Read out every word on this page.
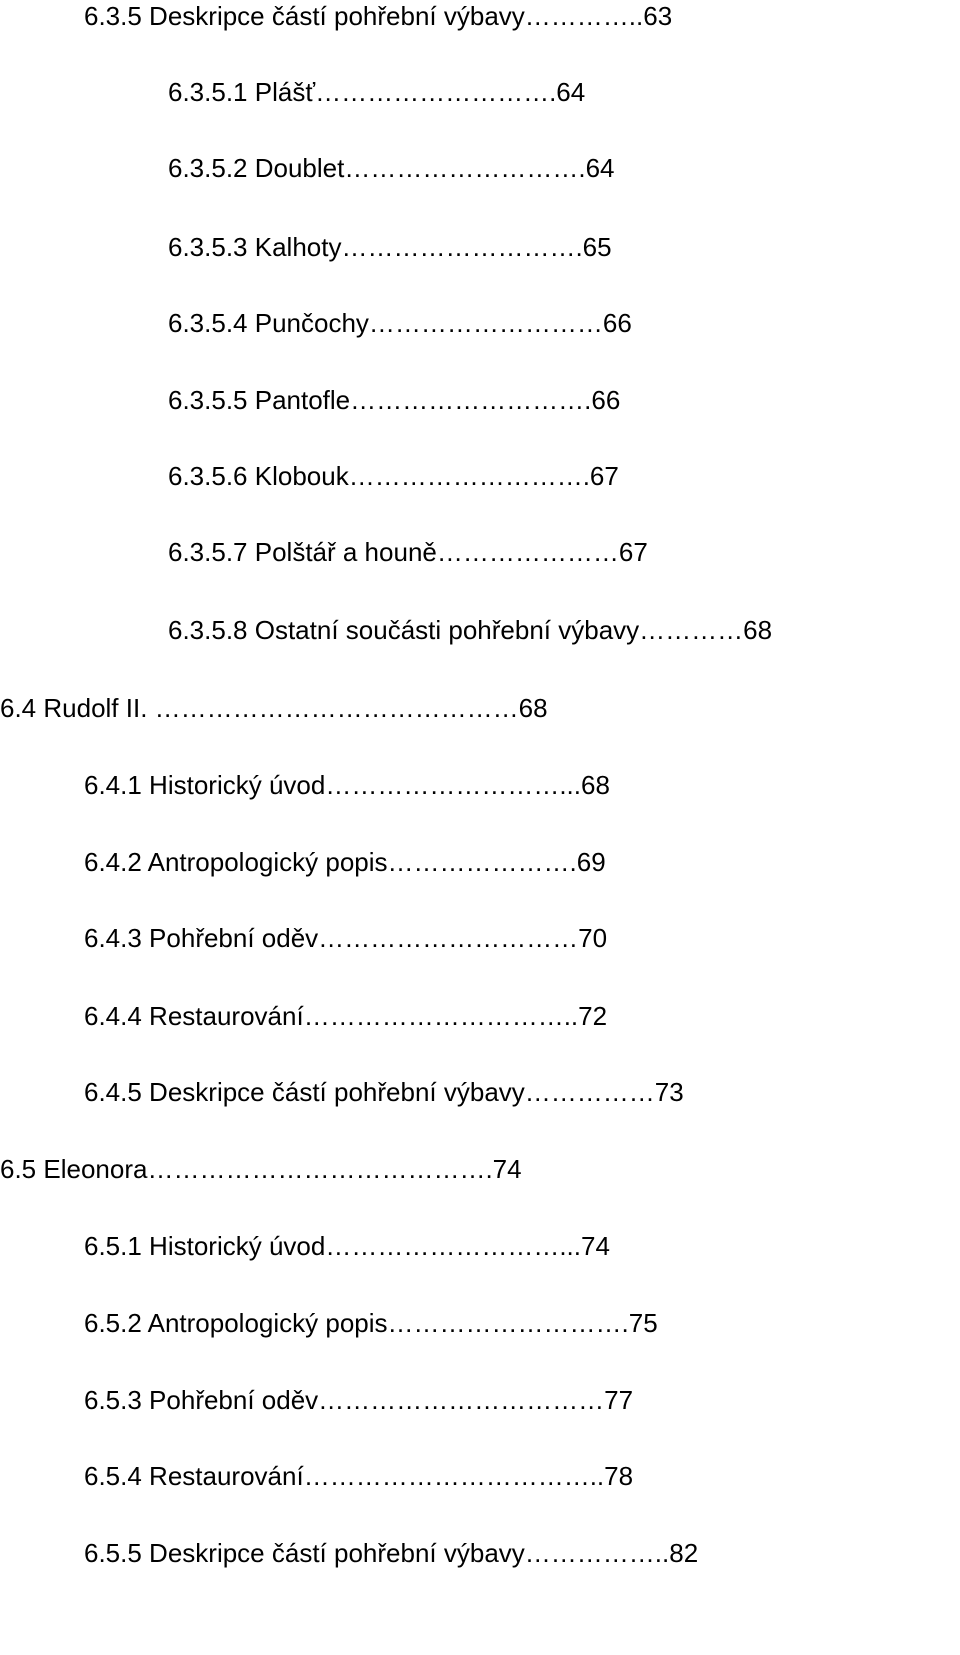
6.3.5 Deskripce částí pohřební výbavy…………..63
6.3.5.1 Plášť……………………….64
6.3.5.2 Doublet……………………….64
6.3.5.3 Kalhoty……………………….65
6.3.5.4 Punčochy………………………66
6.3.5.5 Pantofle……………………….66
6.3.5.6 Klobouk……………………….67
6.3.5.7 Polštář a houně…………………67
6.3.5.8 Ostatní součásti pohřební výbavy…………68
6.4 Rudolf II. ……………………………………68
6.4.1 Historický úvod………………………...68
6.4.2 Antropologický popis………………….69
6.4.3 Pohřební oděv…………………………70
6.4.4 Restaurování…………………………..72
6.4.5 Deskripce částí pohřební výbavy……………73
6.5 Eleonora………………………………….74
6.5.1 Historický úvod………………………...74
6.5.2 Antropologický popis……………………….75
6.5.3 Pohřební oděv……………………………77
6.5.4 Restaurování……………………………..78
6.5.5 Deskripce částí pohřební výbavy……………..82
